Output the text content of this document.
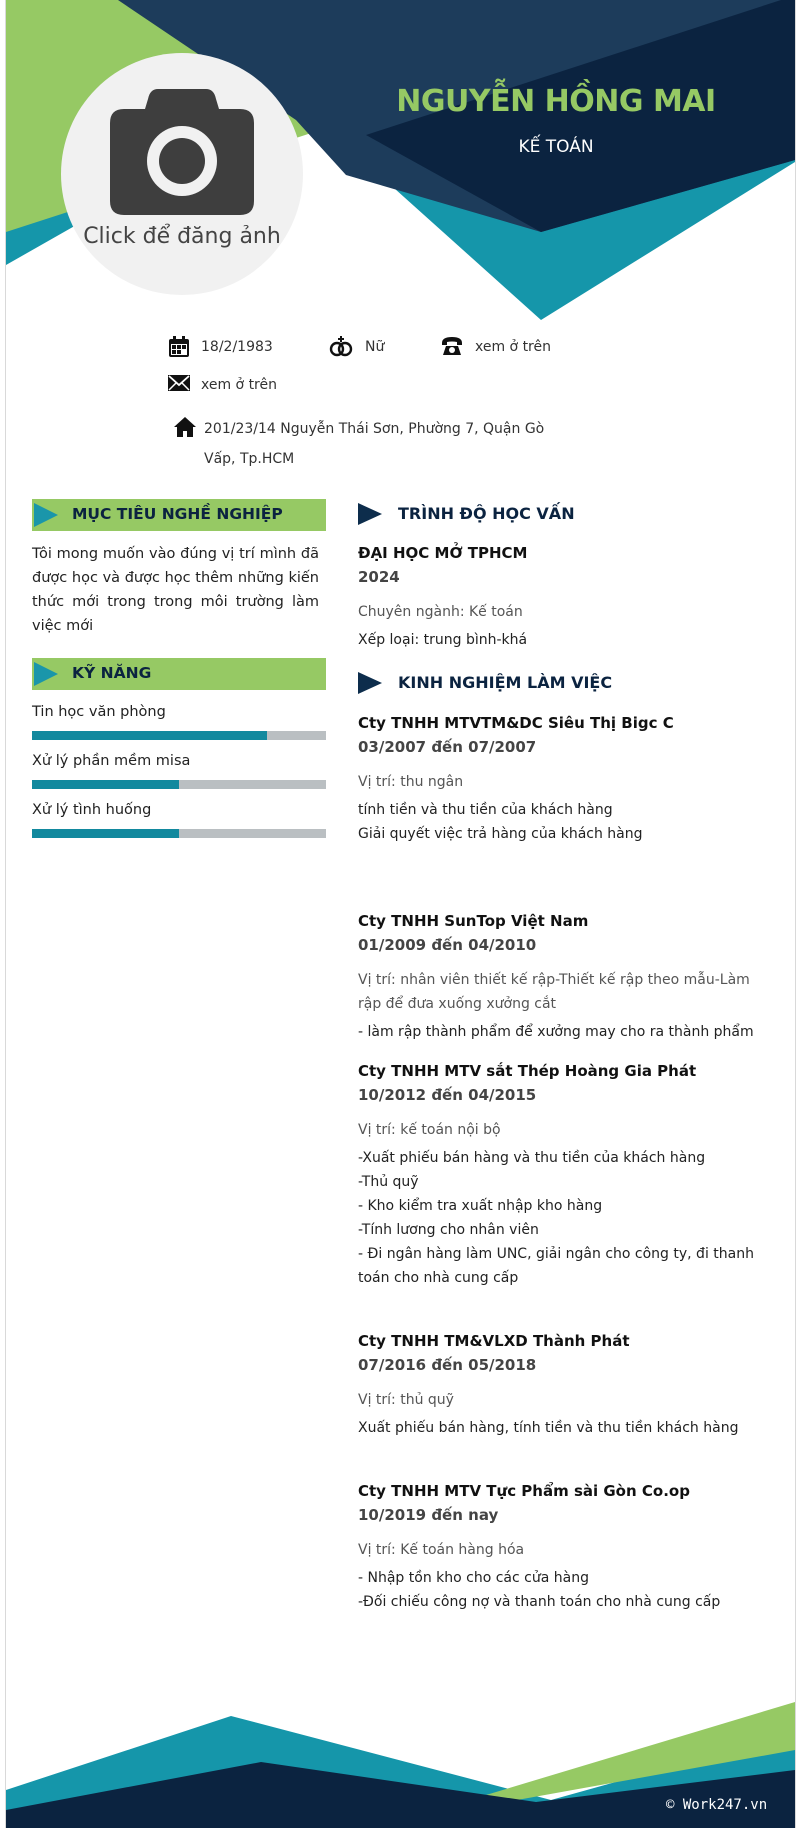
Click để đăng ảnh
NGUYỄN HỒNG MAI
KẾ TOÁN
18/2/1983	Nữ	xem ở trên
xem ở trên
201/23/14 Nguyễn Thái Sơn, Phường 7, Quận Gò Vấp, Tp.HCM
MỤC TIÊU NGHỀ NGHIỆP
Tôi mong muốn vào đúng vị trí mình đã được học và được học thêm những kiến thức mới trong trong môi trường làm việc mới
KỸ NĂNG
Tin học văn phòng
Xử lý phần mềm misa
Xử lý tình huống
TRÌNH ĐỘ HỌC VẤN
ĐẠI HỌC MỞ TPHCM
2024
Chuyên ngành: Kế toán
Xếp loại: trung bình-khá
KINH NGHIỆM LÀM VIỆC
Cty TNHH MTVTM&DC Siêu Thị Bigc C
03/2007 đến 07/2007
Vị trí: thu ngân
tính tiền và thu tiền của khách hàng
Giải quyết việc trả hàng của khách hàng
Cty TNHH SunTop Việt Nam
01/2009 đến 04/2010
Vị trí: nhân viên thiết kế rập-Thiết kế rập theo mẫu-Làm rập để đưa xuống xưởng cắt
- làm rập thành phẩm để xưởng may cho ra thành phẩm
Cty TNHH MTV sắt Thép Hoàng Gia Phát
10/2012 đến 04/2015
Vị trí: kế toán nội bộ
-Xuất phiếu bán hàng và thu tiền của khách hàng
-Thủ quỹ
- Kho kiểm tra xuất nhập kho hàng
-Tính lương cho nhân viên
- Đi ngân hàng làm UNC, giải ngân cho công ty, đi thanh toán cho nhà cung cấp
Cty TNHH TM&VLXD Thành Phát
07/2016 đến 05/2018
Vị trí: thủ quỹ
Xuất phiếu bán hàng, tính tiền và thu tiền khách hàng
Cty TNHH MTV Tực Phẩm sài Gòn Co.op
10/2019 đến nay
Vị trí: Kế toán hàng hóa
- Nhập tồn kho cho các cửa hàng
-Đối chiếu công nợ và thanh toán cho nhà cung cấp
© Work247.vn
